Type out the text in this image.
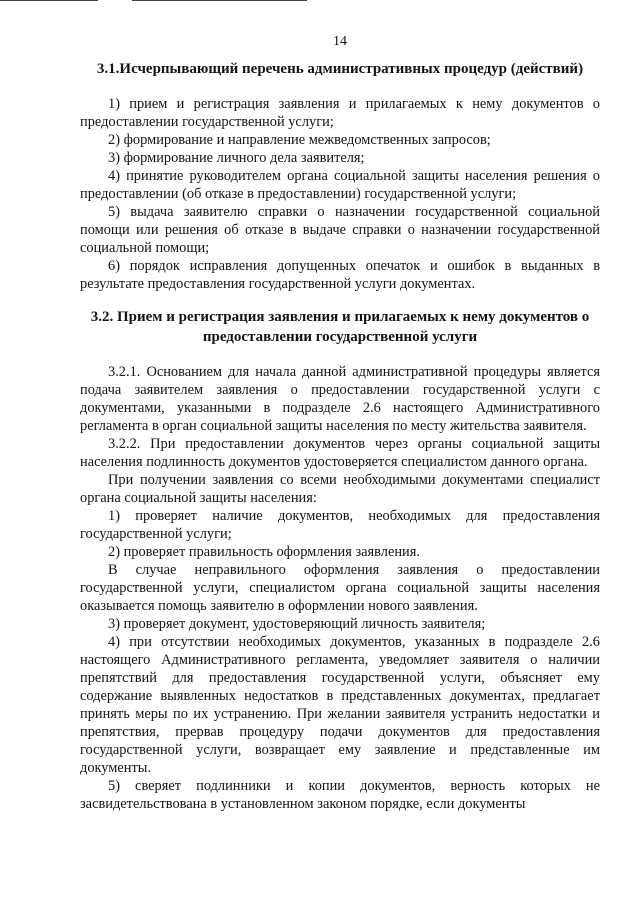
14
3.1.Исчерпывающий перечень административных процедур (действий)

1) прием и регистрация заявления и прилагаемых к нему документов о предоставлении государственной услуги;

2) формирование и направление межведомственных запросов;

3) формирование личного дела заявителя;

4) принятие руководителем органа социальной защиты населения решения о предоставлении (об отказе в предоставлении) государственной услуги;

5) выдача заявителю справки о назначении государственной социальной помощи или решения об отказе в выдаче справки о назначении государственной социальной помощи;

6) порядок исправления допущенных опечаток и ошибок в выданных в результате предоставления государственной услуги документах.

3.2. Прием и регистрация заявления и прилагаемых к нему документов о предоставлении государственной услуги

3.2.1. Основанием для начала данной административной процедуры является подача заявителем заявления о предоставлении государственной услуги с документами, указанными в подразделе 2.6 настоящего Административного регламента в орган социальной защиты населения по месту жительства заявителя.

3.2.2. При предоставлении документов через органы социальной защиты населения подлинность документов удостоверяется специалистом данного органа.

При получении заявления со всеми необходимыми документами специалист органа социальной защиты населения:

1) проверяет наличие документов, необходимых для предоставления государственной услуги;

2) проверяет правильность оформления заявления.

В случае неправильного оформления заявления о предоставлении государственной услуги, специалистом органа социальной защиты населения оказывается помощь заявителю в оформлении нового заявления.

3) проверяет документ, удостоверяющий личность заявителя;

4) при отсутствии необходимых документов, указанных в подразделе 2.6 настоящего Административного регламента, уведомляет заявителя о наличии препятствий для предоставления государственной услуги, объясняет ему содержание выявленных недостатков в представленных документах, предлагает принять меры по их устранению. При желании заявителя устранить недостатки и препятствия, прервав процедуру подачи документов для предоставления государственной услуги, возвращает ему заявление и представленные им документы.

5) сверяет подлинники и копии документов, верность которых не засвидетельствована в установленном законом порядке, если документы
